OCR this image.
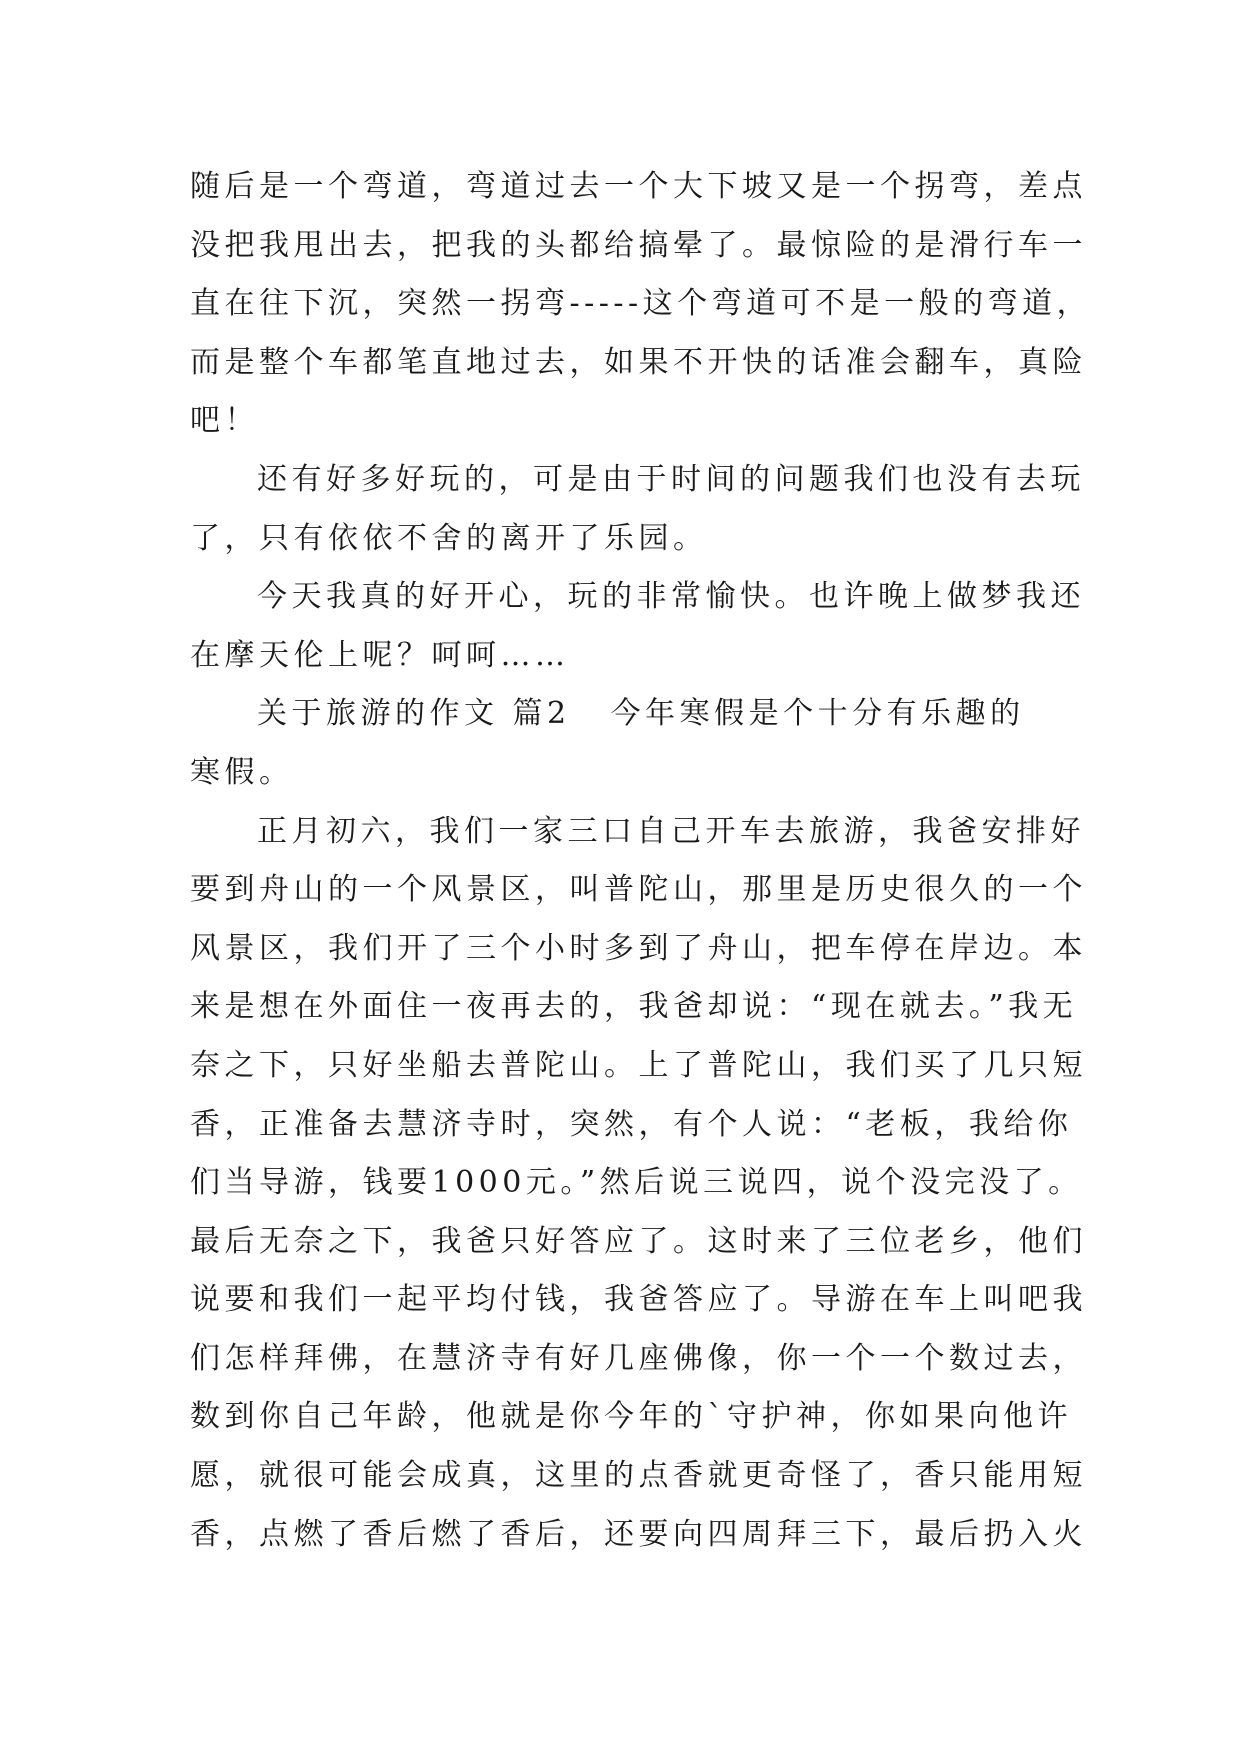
随后是一个弯道，弯道过去一个大下坡又是一个拐弯，差点
没把我甩出去，把我的头都给搞晕了。最惊险的是滑行车一
直在往下沉，突然一拐弯-----这个弯道可不是一般的弯道，
而是整个车都笔直地过去，如果不开快的话准会翻车，真险
吧！
还有好多好玩的，可是由于时间的问题我们也没有去玩
了，只有依依不舍的离开了乐园。
今天我真的好开心，玩的非常愉快。也许晚上做梦我还
在摩天伦上呢？呵呵……
关于旅游的作文 篇2 今年寒假是个十分有乐趣的
寒假。
正月初六，我们一家三口自己开车去旅游，我爸安排好
要到舟山的一个风景区，叫普陀山，那里是历史很久的一个
风景区，我们开了三个小时多到了舟山，把车停在岸边。本
来是想在外面住一夜再去的，我爸却说：“现在就去。”我无
奈之下，只好坐船去普陀山。上了普陀山，我们买了几只短
香，正准备去慧济寺时，突然，有个人说：“老板，我给你
们当导游，钱要1000元。”然后说三说四，说个没完没了。
最后无奈之下，我爸只好答应了。这时来了三位老乡，他们
说要和我们一起平均付钱，我爸答应了。导游在车上叫吧我
们怎样拜佛，在慧济寺有好几座佛像，你一个一个数过去，
数到你自己年龄，他就是你今年的`守护神，你如果向他许
愿，就很可能会成真，这里的点香就更奇怪了，香只能用短
香，点燃了香后燃了香后，还要向四周拜三下，最后扔入火
